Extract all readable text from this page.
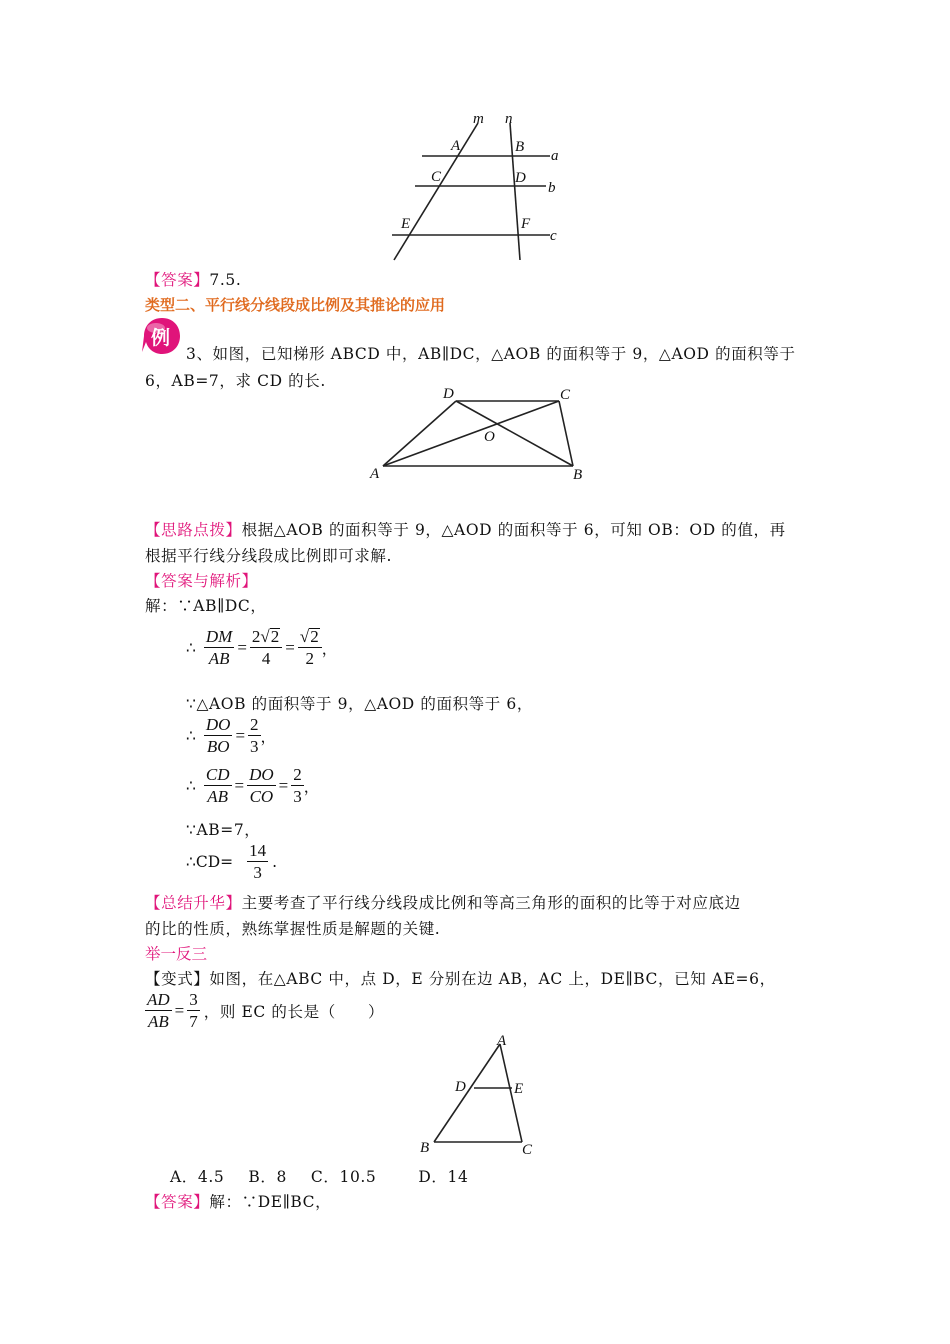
m n
A	B
a
C	D
b
E	F
c
【答案】7.5.
类型二、平行线分线段成比例及其推论的应用
例
3、如图，已知梯形 ABCD 中，AB∥DC，△AOB 的面积等于 9，△AOD 的面积等于
6，AB=7，求 CD 的长.
D	C
O
A	B
【思路点拨】根据△AOB 的面积等于 9，△AOD 的面积等于 6，可知 OB：OD 的值，再
根据平行线分线段成比例即可求解.
【答案与解析】
解：∵AB∥DC，
∴ $\frac{DM}{AB} = \frac{2√2}{4} = \frac{√2}{2}$ ，
∵△AOB 的面积等于 9，△AOD 的面积等于 6，
∴ $\frac{DO}{BO} = \frac{2}{3}$ ，
∴ $\frac{CD}{AB} = \frac{DO}{CO} = \frac{2}{3}$ ，
∵AB=7，
∴CD= $\frac{14}{3}$ .
【总结升华】主要考查了平行线分线段成比例和等高三角形的面积的比等于对应底边
的比的性质，熟练掌握性质是解题的关键.
举一反三
【变式】如图，在△ABC 中，点 D，E 分别在边 AB，AC 上，DE∥BC，已知 AE=6，
$\frac{AD}{AB} = \frac{3}{7}$ ，则 EC 的长是（　　）
A
D	E
B	C
A．4.5 B．8 C．10.5	D．14
【答案】解：∵DE∥BC，
